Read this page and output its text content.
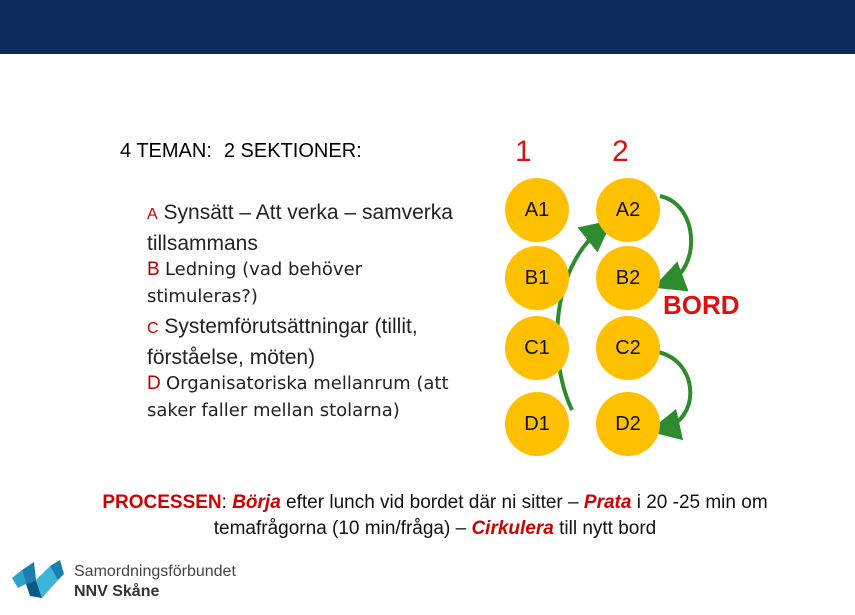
Workshopen under eftermiddagen
4 TEMAN: 2 SEKTIONER:	1	2
A Synsätt – Att verka – samverka tillsammans
B Ledning (vad behöver stimuleras?)
C Systemförutsättningar (tillit, förståelse, möten)
D Organisatoriska mellanrum (att saker faller mellan stolarna)
A1
B1
C1
D1
A2
B2
C2
D2
BORD
PROCESSEN: Börja efter lunch vid bordet där ni sitter – Prata i 20 -25 min om temafrågorna (10 min/fråga) – Cirkulera till nytt bord
Samordningsförbundet
NNV Skåne
